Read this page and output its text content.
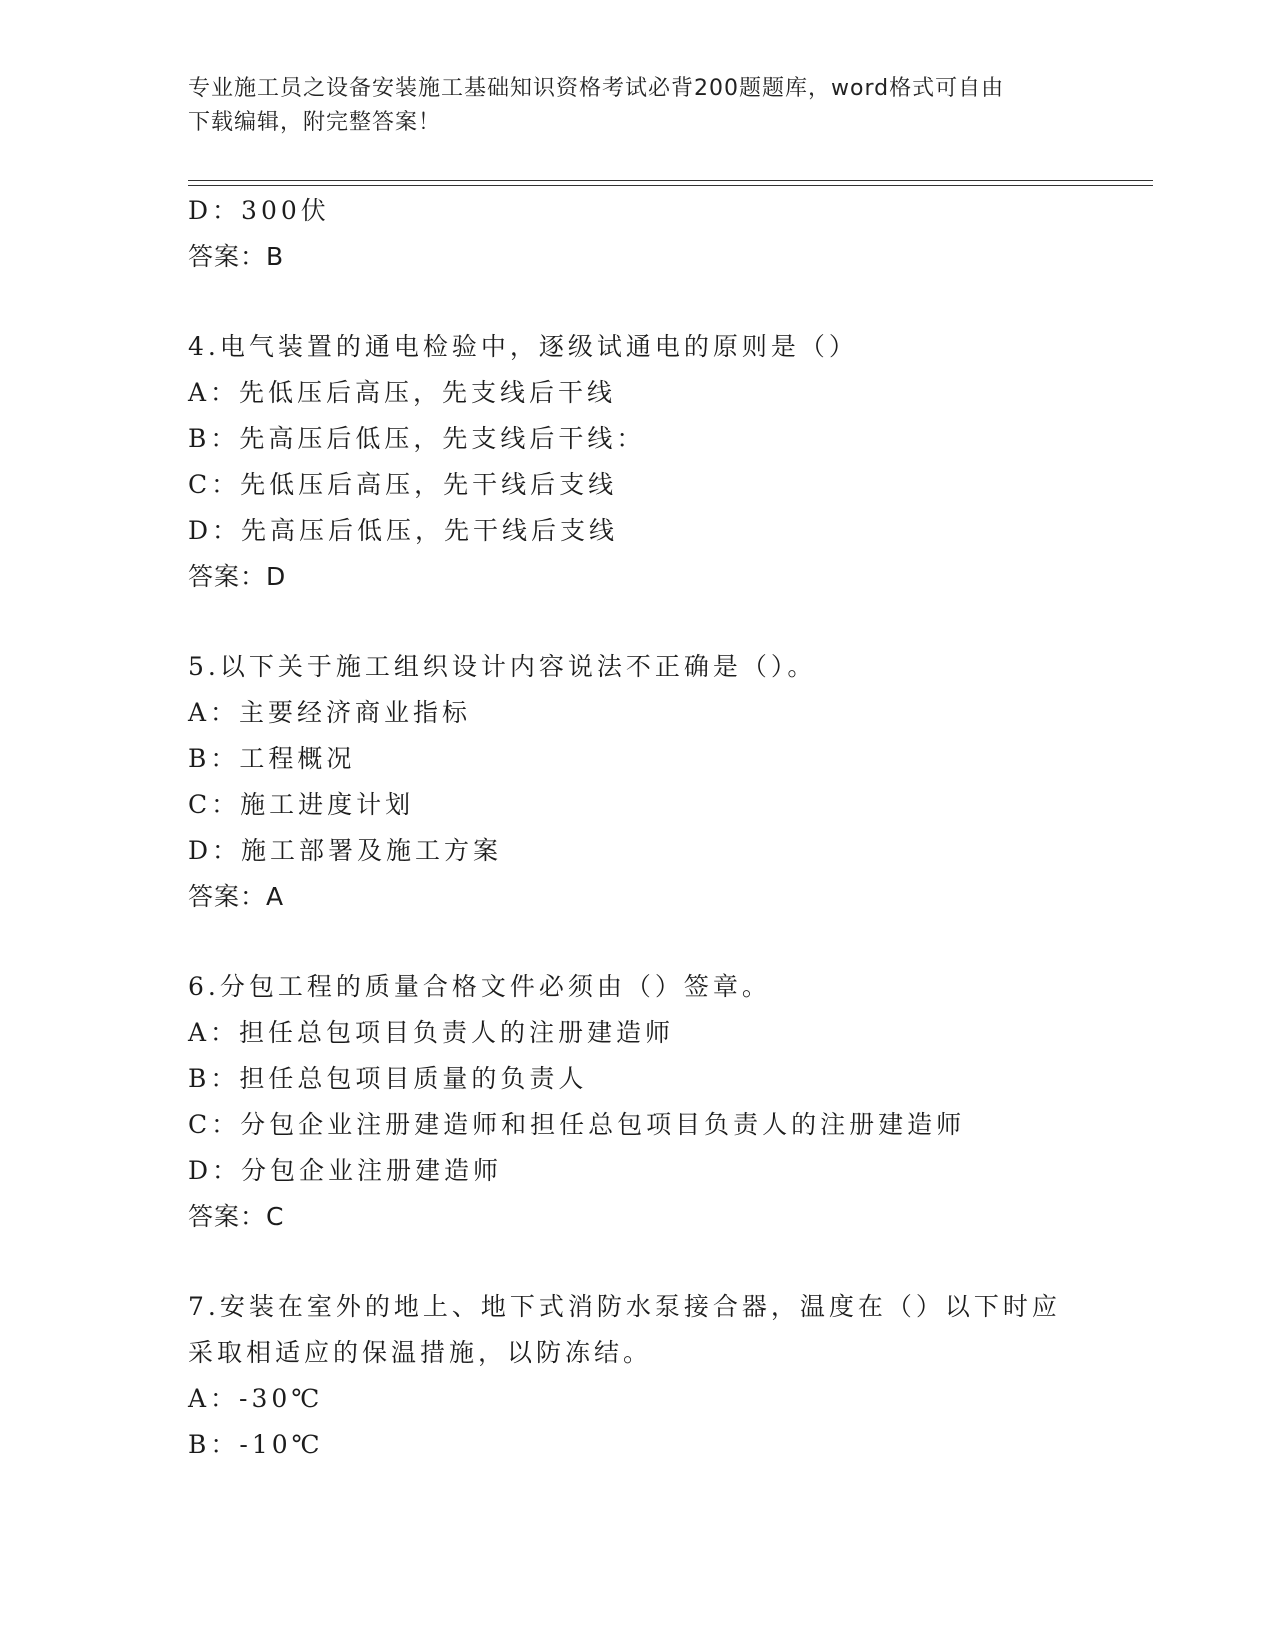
专业施工员之设备安装施工基础知识资格考试必背200题题库，word格式可自由
下载编辑，附完整答案！
D：300伏
答案：B
4.电气装置的通电检验中，逐级试通电的原则是（）
A：先低压后高压，先支线后干线
B：先高压后低压，先支线后干线：
C：先低压后高压，先干线后支线
D：先高压后低压，先干线后支线
答案：D
5.以下关于施工组织设计内容说法不正确是（）。
A：主要经济商业指标
B：工程概况
C：施工进度计划
D：施工部署及施工方案
答案：A
6.分包工程的质量合格文件必须由（）签章。
A：担任总包项目负责人的注册建造师
B：担任总包项目质量的负责人
C：分包企业注册建造师和担任总包项目负责人的注册建造师
D：分包企业注册建造师
答案：C
7.安装在室外的地上、地下式消防水泵接合器，温度在（）以下时应
采取相适应的保温措施，以防冻结。
A：-30℃
B：-10℃
